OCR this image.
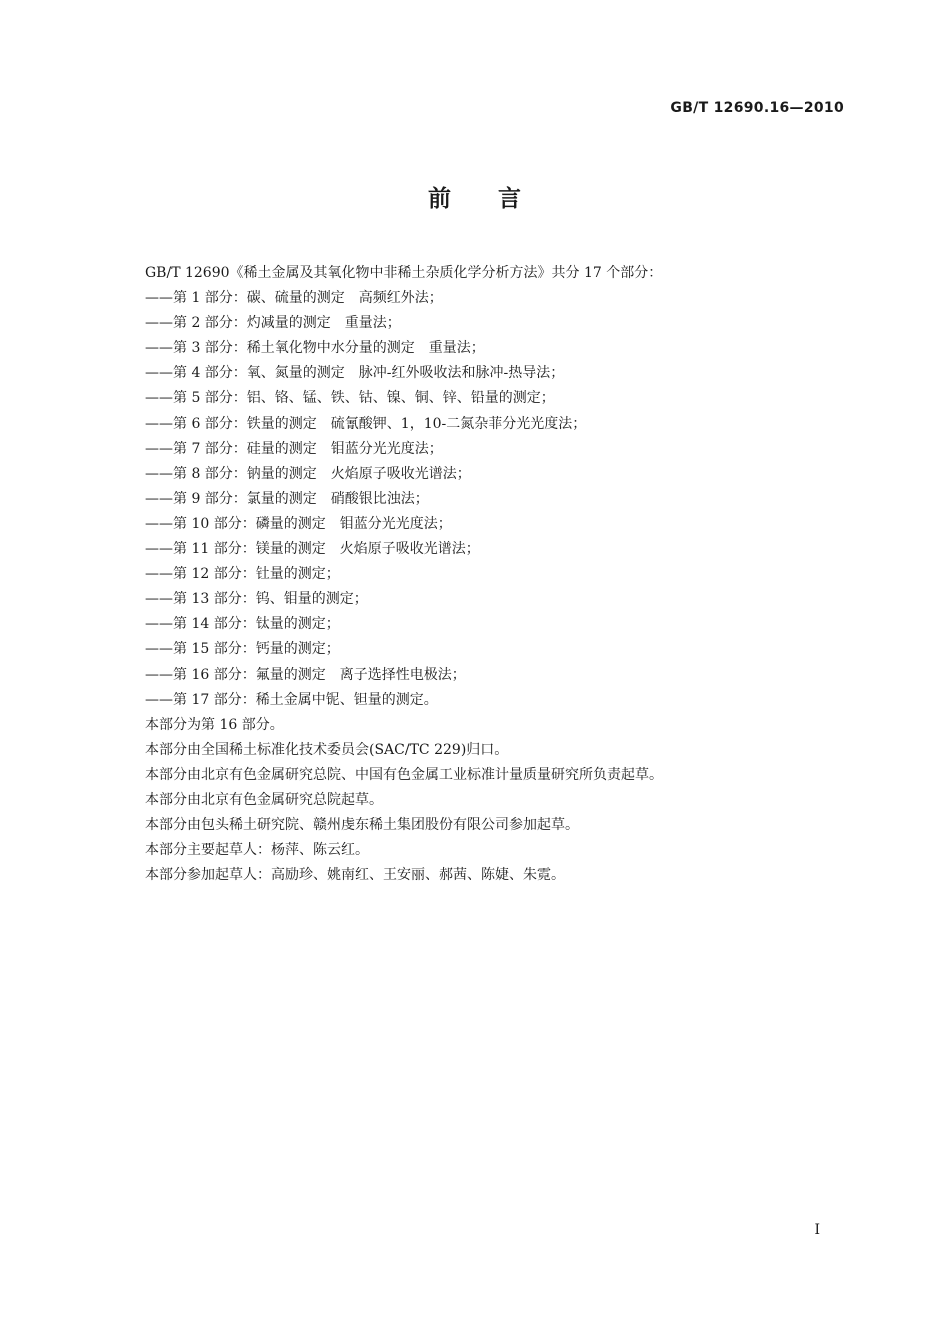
GB/T 12690.16—2010
前 言
GB/T 12690《稀土金属及其氧化物中非稀土杂质化学分析方法》共分 17 个部分：
——第 1 部分：碳、硫量的测定　高频红外法；
——第 2 部分：灼减量的测定　重量法；
——第 3 部分：稀土氧化物中水分量的测定　重量法；
——第 4 部分：氧、氮量的测定　脉冲-红外吸收法和脉冲-热导法；
——第 5 部分：铝、铬、锰、铁、钴、镍、铜、锌、铅量的测定；
——第 6 部分：铁量的测定　硫氰酸钾、1，10-二氮杂菲分光光度法；
——第 7 部分：硅量的测定　钼蓝分光光度法；
——第 8 部分：钠量的测定　火焰原子吸收光谱法；
——第 9 部分：氯量的测定　硝酸银比浊法；
——第 10 部分：磷量的测定　钼蓝分光光度法；
——第 11 部分：镁量的测定　火焰原子吸收光谱法；
——第 12 部分：钍量的测定；
——第 13 部分：钨、钼量的测定；
——第 14 部分：钛量的测定；
——第 15 部分：钙量的测定；
——第 16 部分：氟量的测定　离子选择性电极法；
——第 17 部分：稀土金属中铌、钽量的测定。
本部分为第 16 部分。
本部分由全国稀土标准化技术委员会(SAC/TC 229)归口。
本部分由北京有色金属研究总院、中国有色金属工业标准计量质量研究所负责起草。
本部分由北京有色金属研究总院起草。
本部分由包头稀土研究院、赣州虔东稀土集团股份有限公司参加起草。
本部分主要起草人：杨萍、陈云红。
本部分参加起草人：高励珍、姚南红、王安丽、郝茜、陈婕、朱霓。
I
